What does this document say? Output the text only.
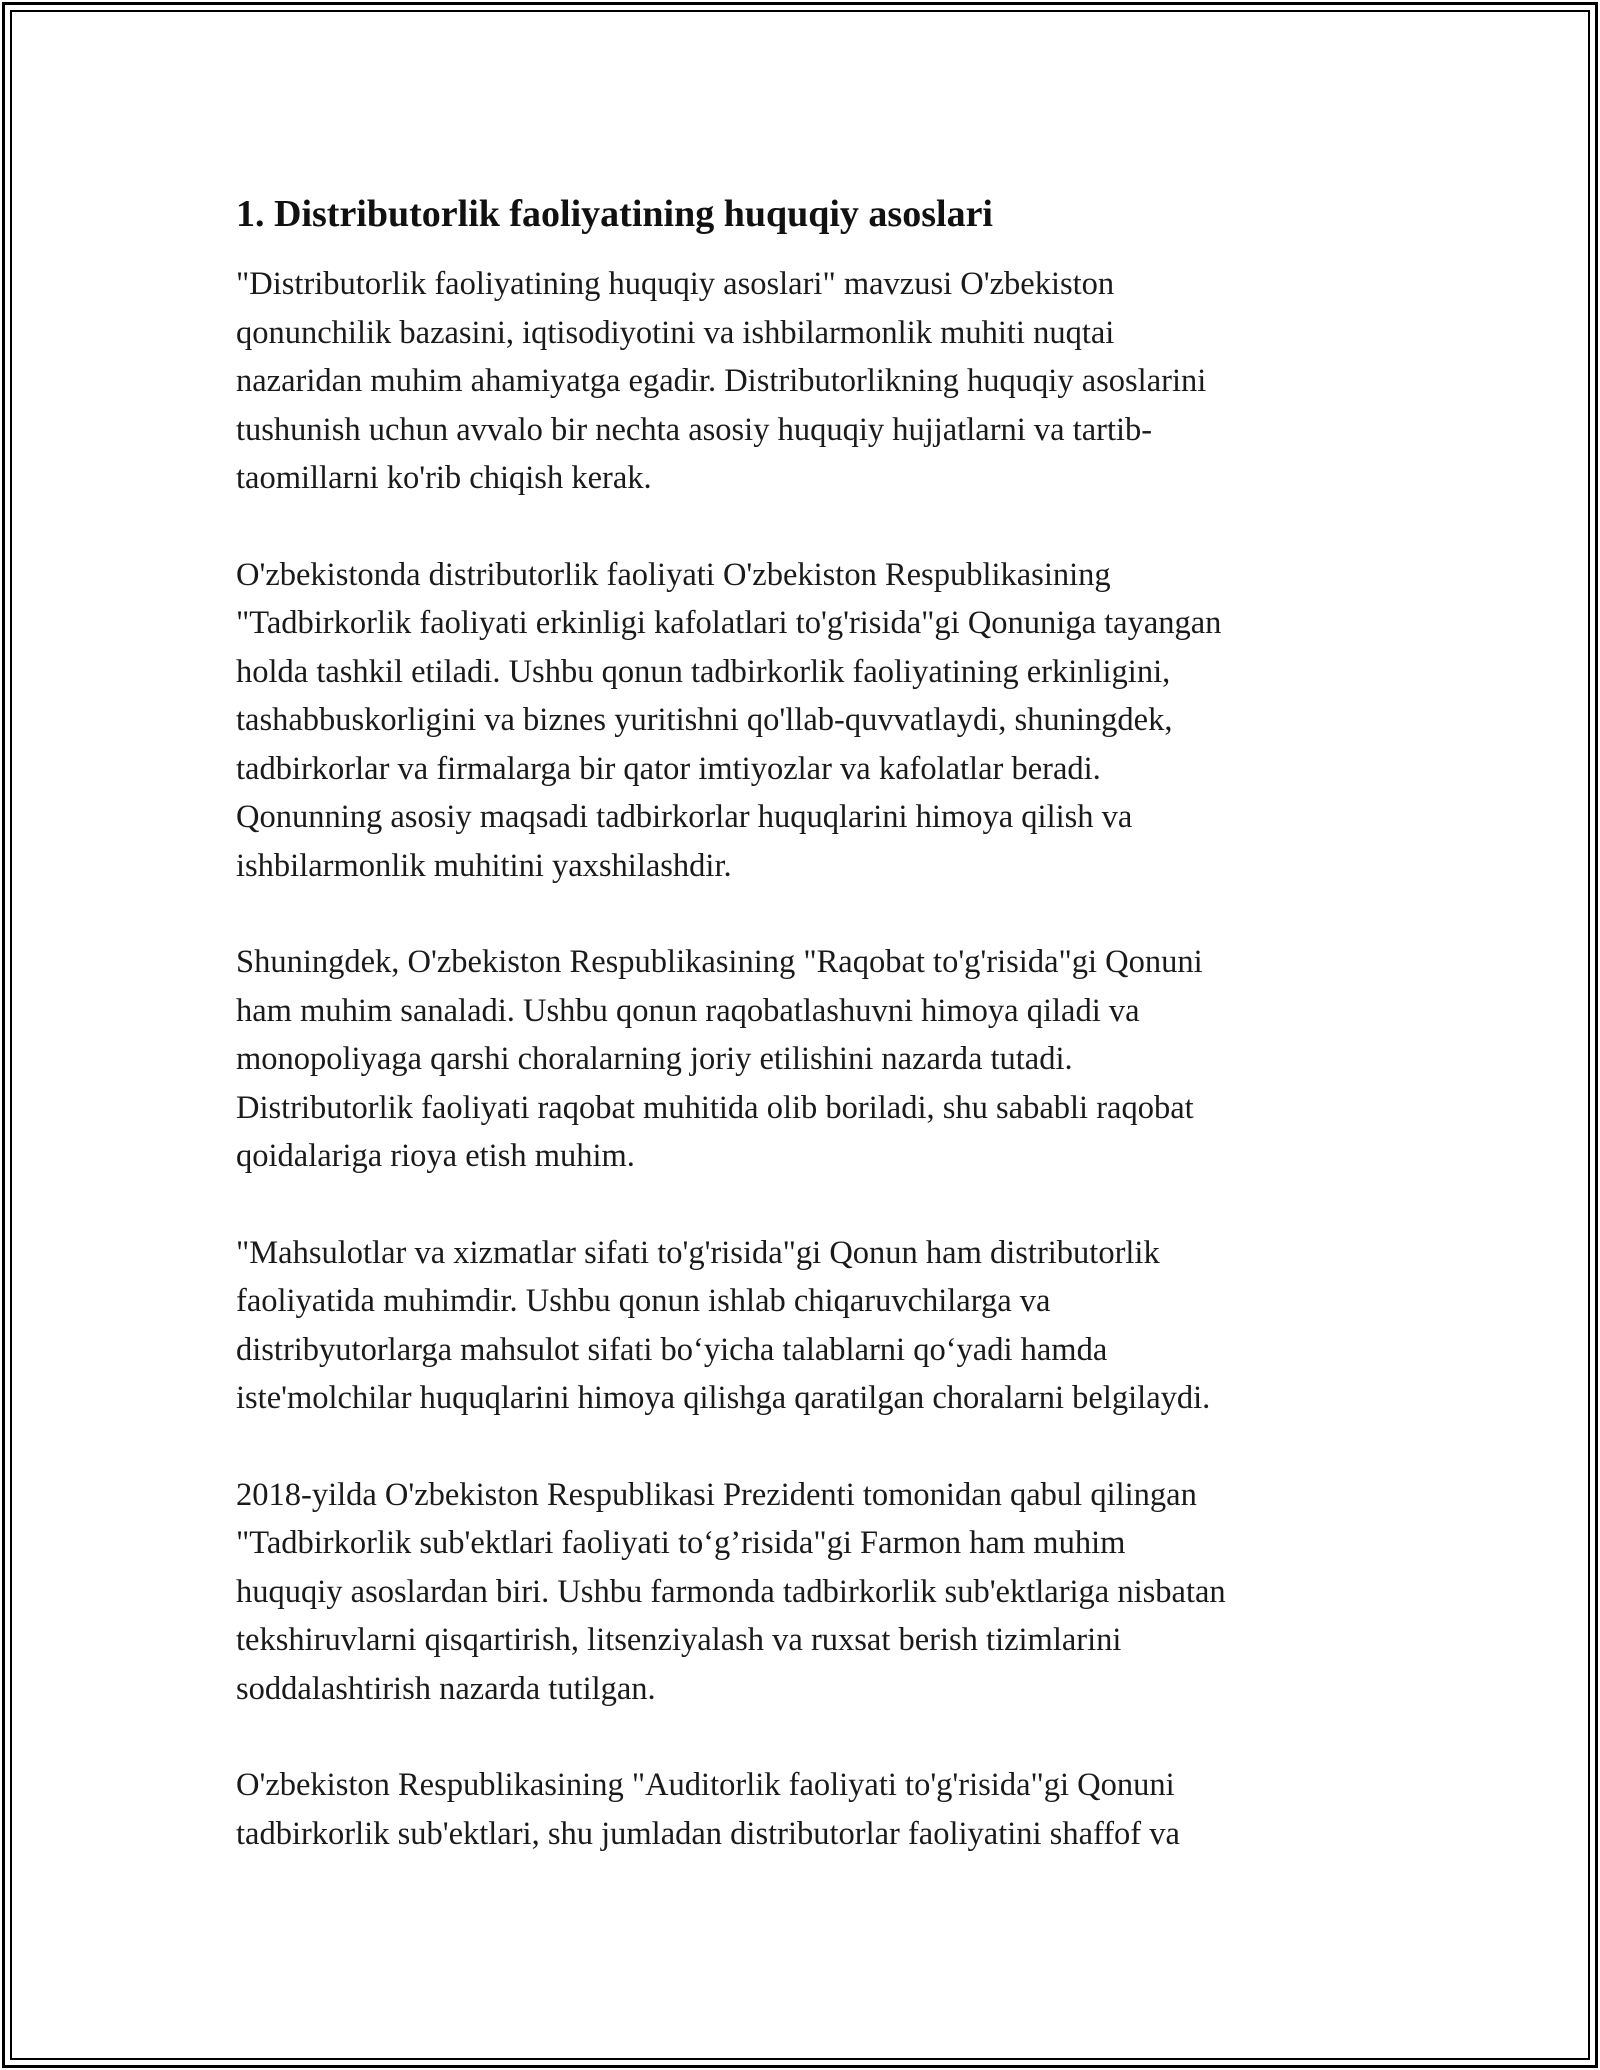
1. Distributorlik faoliyatining huquqiy asoslari

"Distributorlik faoliyatining huquqiy asoslari" mavzusi O'zbekiston
qonunchilik bazasini, iqtisodiyotini va ishbilarmonlik muhiti nuqtai
nazaridan muhim ahamiyatga egadir. Distributorlikning huquqiy asoslarini
tushunish uchun avvalo bir nechta asosiy huquqiy hujjatlarni va tartib-
taomillarni ko'rib chiqish kerak.

O'zbekistonda distributorlik faoliyati O'zbekiston Respublikasining
"Tadbirkorlik faoliyati erkinligi kafolatlari to'g'risida"gi Qonuniga tayangan
holda tashkil etiladi. Ushbu qonun tadbirkorlik faoliyatining erkinligini,
tashabbuskorligini va biznes yuritishni qo'llab-quvvatlaydi, shuningdek,
tadbirkorlar va firmalarga bir qator imtiyozlar va kafolatlar beradi.
Qonunning asosiy maqsadi tadbirkorlar huquqlarini himoya qilish va
ishbilarmonlik muhitini yaxshilashdir.

Shuningdek, O'zbekiston Respublikasining "Raqobat to'g'risida"gi Qonuni
ham muhim sanaladi. Ushbu qonun raqobatlashuvni himoya qiladi va
monopoliyaga qarshi choralarning joriy etilishini nazarda tutadi.
Distributorlik faoliyati raqobat muhitida olib boriladi, shu sababli raqobat
qoidalariga rioya etish muhim.

"Mahsulotlar va xizmatlar sifati to'g'risida"gi Qonun ham distributorlik
faoliyatida muhimdir. Ushbu qonun ishlab chiqaruvchilarga va
distribyutorlarga mahsulot sifati bo‘yicha talablarni qo‘yadi hamda
iste'molchilar huquqlarini himoya qilishga qaratilgan choralarni belgilaydi.

2018-yilda O'zbekiston Respublikasi Prezidenti tomonidan qabul qilingan
"Tadbirkorlik sub'ektlari faoliyati to‘g’risida"gi Farmon ham muhim
huquqiy asoslardan biri. Ushbu farmonda tadbirkorlik sub'ektlariga nisbatan
tekshiruvlarni qisqartirish, litsenziyalash va ruxsat berish tizimlarini
soddalashtirish nazarda tutilgan.

O'zbekiston Respublikasining "Auditorlik faoliyati to'g'risida"gi Qonuni
tadbirkorlik sub'ektlari, shu jumladan distributorlar faoliyatini shaffof va
